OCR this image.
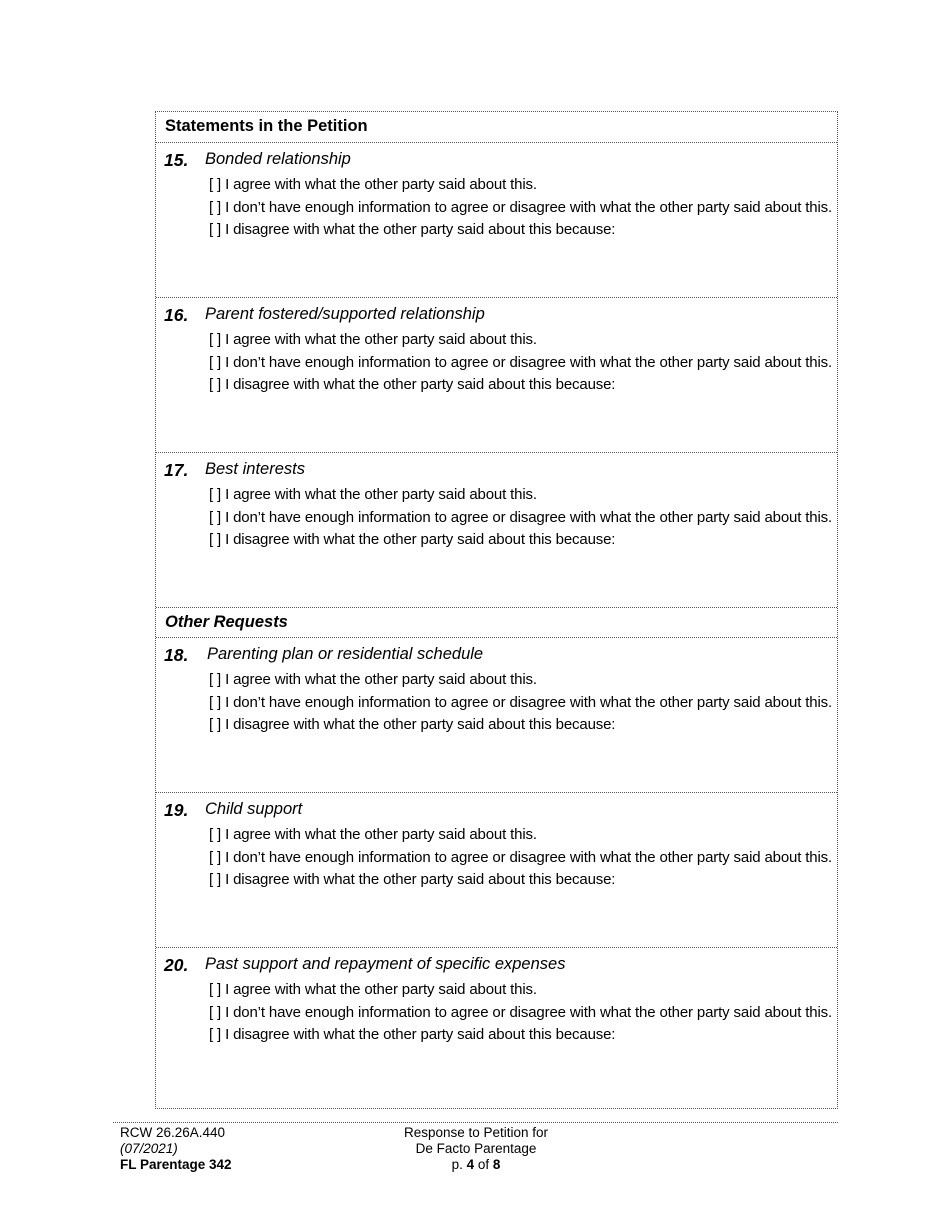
Statements in the Petition
15. Bonded relationship
[ ] I agree with what the other party said about this.
[ ] I don’t have enough information to agree or disagree with what the other party said about this.
[ ] I disagree with what the other party said about this because:
16. Parent fostered/supported relationship
[ ] I agree with what the other party said about this.
[ ] I don’t have enough information to agree or disagree with what the other party said about this.
[ ] I disagree with what the other party said about this because:
17. Best interests
[ ] I agree with what the other party said about this.
[ ] I don’t have enough information to agree or disagree with what the other party said about this.
[ ] I disagree with what the other party said about this because:
Other Requests
18. Parenting plan or residential schedule
[ ] I agree with what the other party said about this.
[ ] I don’t have enough information to agree or disagree with what the other party said about this.
[ ] I disagree with what the other party said about this because:
19. Child support
[ ] I agree with what the other party said about this.
[ ] I don’t have enough information to agree or disagree with what the other party said about this.
[ ] I disagree with what the other party said about this because:
20. Past support and repayment of specific expenses
[ ] I agree with what the other party said about this.
[ ] I don’t have enough information to agree or disagree with what the other party said about this.
[ ] I disagree with what the other party said about this because:
RCW 26.26A.440
(07/2021)
FL Parentage 342
Response to Petition for
De Facto Parentage
p. 4 of 8
